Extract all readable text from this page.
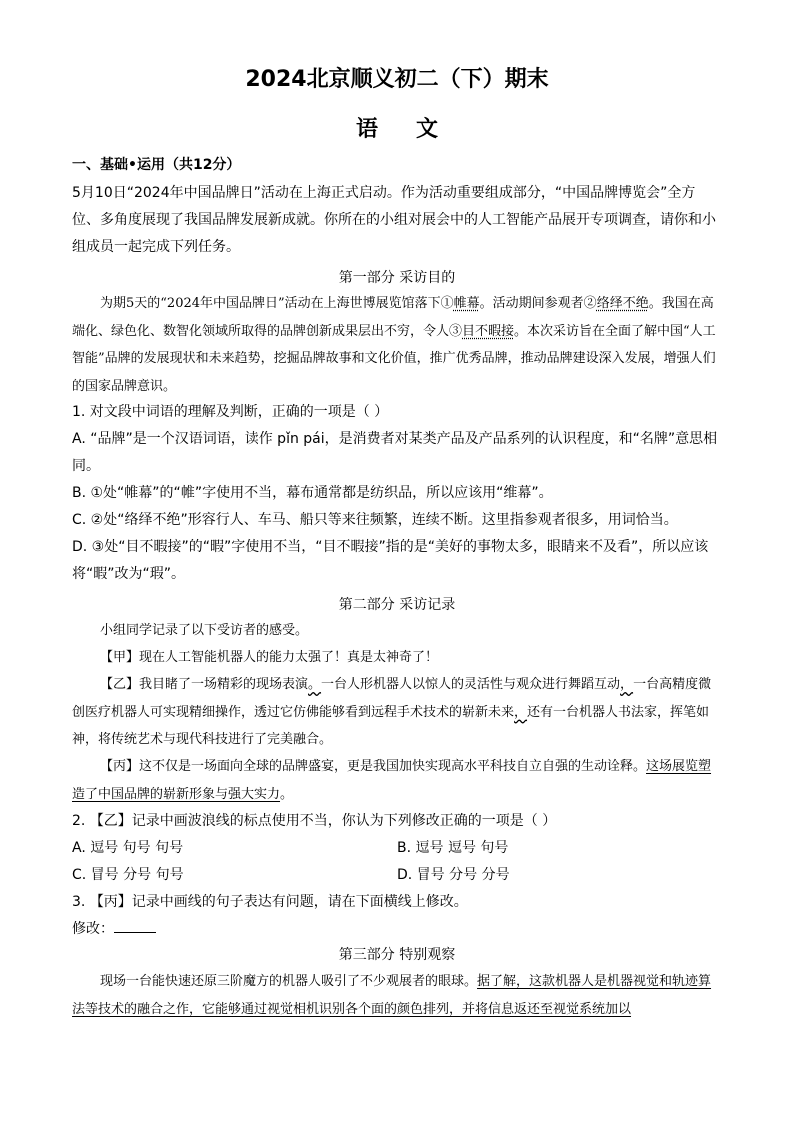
2024北京顺义初二（下）期末
语文
一、基础•运用（共12分）
5月10日“2024年中国品牌日”活动在上海正式启动。作为活动重要组成部分，“中国品牌博览会”全方位、多角度展现了我国品牌发展新成就。你所在的小组对展会中的人工智能产品展开专项调查，请你和小组成员一起完成下列任务。
第一部分 采访目的
为期5天的“2024年中国品牌日”活动在上海世博展览馆落下①帷幕。活动期间参观者②络绎不绝。我国在高端化、绿色化、数智化领域所取得的品牌创新成果层出不穷，令人③目不暇接。本次采访旨在全面了解中国“人工智能”品牌的发展现状和未来趋势，挖掘品牌故事和文化价值，推广优秀品牌，推动品牌建设深入发展，增强人们的国家品牌意识。
1. 对文段中词语的理解及判断，正确的一项是（ ）
A. “品牌”是一个汉语词语，读作 pǐn pái，是消费者对某类产品及产品系列的认识程度，和“名牌”意思相同。
B. ①处“帷幕”的“帷”字使用不当，幕布通常都是纺织品，所以应该用“维幕”。
C. ②处“络绎不绝”形容行人、车马、船只等来往频繁，连续不断。这里指参观者很多，用词恰当。
D. ③处“目不暇接”的“暇”字使用不当，“目不暇接”指的是“美好的事物太多，眼睛来不及看”，所以应该将“暇”改为“瑕”。
第二部分 采访记录
小组同学记录了以下受访者的感受。
【甲】现在人工智能机器人的能力太强了！真是太神奇了！
【乙】我目睹了一场精彩的现场表演。一台人形机器人以惊人的灵活性与观众进行舞蹈互动，一台高精度微创医疗机器人可实现精细操作，透过它仿佛能够看到远程手术技术的崭新未来，还有一台机器人书法家，挥笔如神，将传统艺术与现代科技进行了完美融合。
【丙】这不仅是一场面向全球的品牌盛宴，更是我国加快实现高水平科技自立自强的生动诠释。这场展览塑造了中国品牌的崭新形象与强大实力。
2. 【乙】记录中画波浪线的标点使用不当，你认为下列修改正确的一项是（ ）
A. 逗号 句号 句号	B. 逗号 逗号 句号
C. 冒号 分号 句号	D. 冒号 分号 分号
3. 【丙】记录中画线的句子表达有问题，请在下面横线上修改。
修改：
第三部分 特别观察
现场一台能快速还原三阶魔方的机器人吸引了不少观展者的眼球。据了解，这款机器人是机器视觉和轨迹算法等技术的融合之作，它能够通过视觉相机识别各个面的颜色排列，并将信息返还至视觉系统加以
